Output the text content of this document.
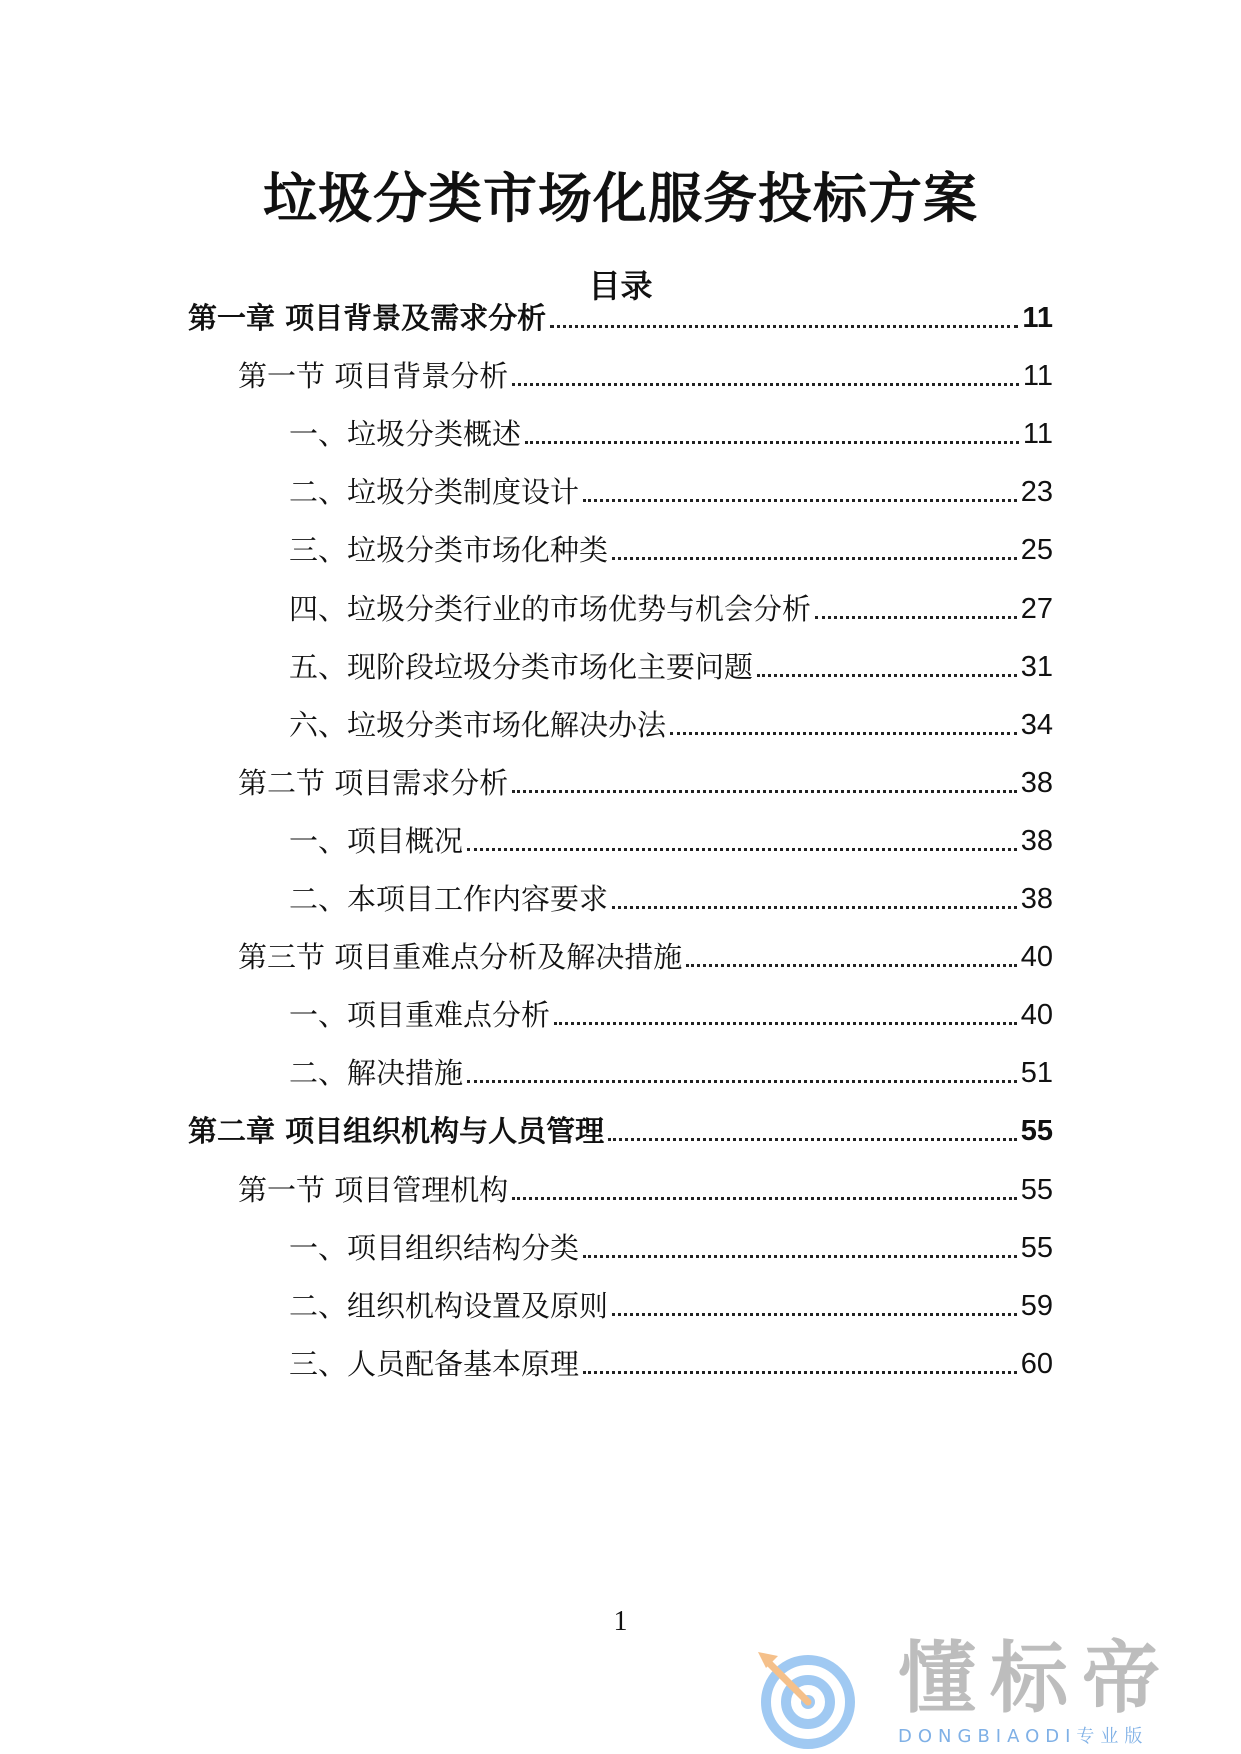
垃圾分类市场化服务投标方案
目录
第一章 项目背景及需求分析	11
第一节 项目背景分析	11
一、垃圾分类概述	11
二、垃圾分类制度设计	23
三、垃圾分类市场化种类	25
四、垃圾分类行业的市场优势与机会分析	27
五、现阶段垃圾分类市场化主要问题	31
六、垃圾分类市场化解决办法	34
第二节 项目需求分析	38
一、项目概况	38
二、本项目工作内容要求	38
第三节 项目重难点分析及解决措施	40
一、项目重难点分析	40
二、解决措施	51
第二章 项目组织机构与人员管理	55
第一节 项目管理机构	55
一、项目组织结构分类	55
二、组织机构设置及原则	59
三、人员配备基本原理	60
1
懂标帝
DONGBIAODI专业版
